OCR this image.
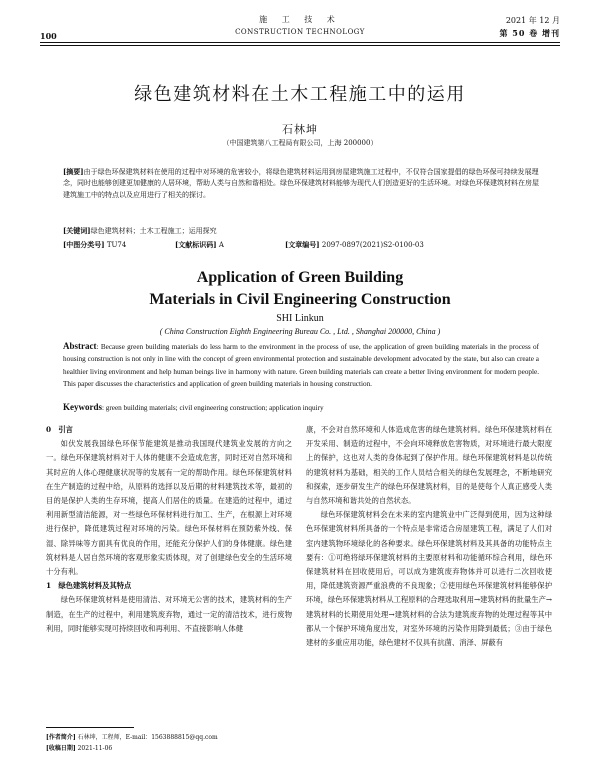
100
施 工 技 术
CONSTRUCTION TECHNOLOGY
2021 年 12 月
第 50 卷 增刊
绿色建筑材料在土木工程施工中的运用
石林坤
（中国建筑第八工程局有限公司，上海 200000）
[摘要]由于绿色环保建筑材料在使用的过程中对环境的危害较小，将绿色建筑材料运用到房屋建筑施工过程中，不仅符合国家提倡的绿色环保可持续发展理念，同时也能够创建更加健康的人居环境，帮助人类与自然和谐相处。绿色环保建筑材料能够为现代人们创造更好的生活环境。对绿色环保建筑材料在房屋建筑施工中的特点以及应用进行了相关的探讨。
[关键词]绿色建筑材料；土木工程施工；运用探究
[中图分类号] TU74	[文献标识码] A	[文章编号] 2097-0897(2021)S2-0100-03
Application of Green Building
Materials in Civil Engineering Construction
SHI Linkun
( China Construction Eighth Engineering Bureau Co. , Ltd. , Shanghai 200000, China )
Abstract: Because green building materials do less harm to the environment in the process of use, the application of green building materials in the process of housing construction is not only in line with the concept of green environmental protection and sustainable development advocated by the state, but also can create a healthier living environment and help human beings live in harmony with nature. Green building materials can create a better living environment for modern people. This paper discusses the characteristics and application of green building materials in housing construction.
Keywords: green building materials; civil engineering construction; application inquiry

0　引言

如伏发展我国绿色环保节能建筑是推动我国现代建筑业发展的方向之一。绿色环保建筑材料对于人体的健康不会造成危害，同时还对自然环境和其时应的人体心理健康状况等的发展有一定的帮助作用。绿色环保建筑材料在生产制造的过程中给，从原料的选择以及后期的材料建筑技术等，最初的目的是保护人类的生存环境，提高人们居住的质量。在建造的过程中，通过利用新型清洁能源，对一些绿色环保材料进行加工、生产，在根源上对环境进行保护，降低建筑过程对环境的污染。绿色环保材料在预防紫外线、保湿、除异味等方面具有优良的作用，还能充分保护人们的身体健康。绿色建筑材料是人居自然环境的客观形象实质体现，对了创建绿色安全的生活环境十分有利。

1　绿色建筑材料及其特点

绿色环保建筑材料是使用清洁、对环境无公害的技术，建筑材料的生产制造，在生产的过程中，利用建筑废弃物，通过一定的清洁技术，进行废物利用，同时能够实现可持续回收和再利用、不直接影响人体健

康，不会对自然环境和人体造成危害的绿色建筑材料。绿色环保建筑材料在开发采用、制造的过程中，不会向环境释放危害物质，对环境进行最大限度上的保护，这也对人类的身体起到了保护作用。绿色环保建筑材料是以传统的建筑材料为基础，相关的工作人员结合相关的绿色发展理念，不断地研究和探索，逐步研发生产的绿色环保建筑材料，目的是使每个人真正感受人类与自然环境和谐共处的自然状态。

绿色环保建筑材料会在未来的室内建筑业中广泛得到使用，因为这种绿色环保建筑材料所具备的一个特点是非常适合房屋建筑工程，满足了人们对室内建筑物环境绿化的各种要求。绿色环保建筑材料及其具备的功能特点主要有：①可绝将绿环保建筑材料的主要原材料和功能循环综合利用，绿色环保建筑材料在回收使用后，可以成为建筑废弃物体并可以进行二次回收使用，降低建筑资源严重浪费的不良现象；②使用绿色环保建筑材料能够保护环境，绿色环保建筑材料从工程原料的合理选取利用→建筑材料的批量生产→建筑材料的长期使用处理→建筑材料的合法为建筑废弃物的处理过程等其中都从一个保护环境角度出发，对室外环境的污染作用降到最低；③由于绿色建材的多重应用功能，绿色建材不仅具有抗菌、消泽、屏蔽有

[作者简介] 石林坤，工程师，E-mail：1563888815@qq.com
[收稿日期] 2021-11-06
